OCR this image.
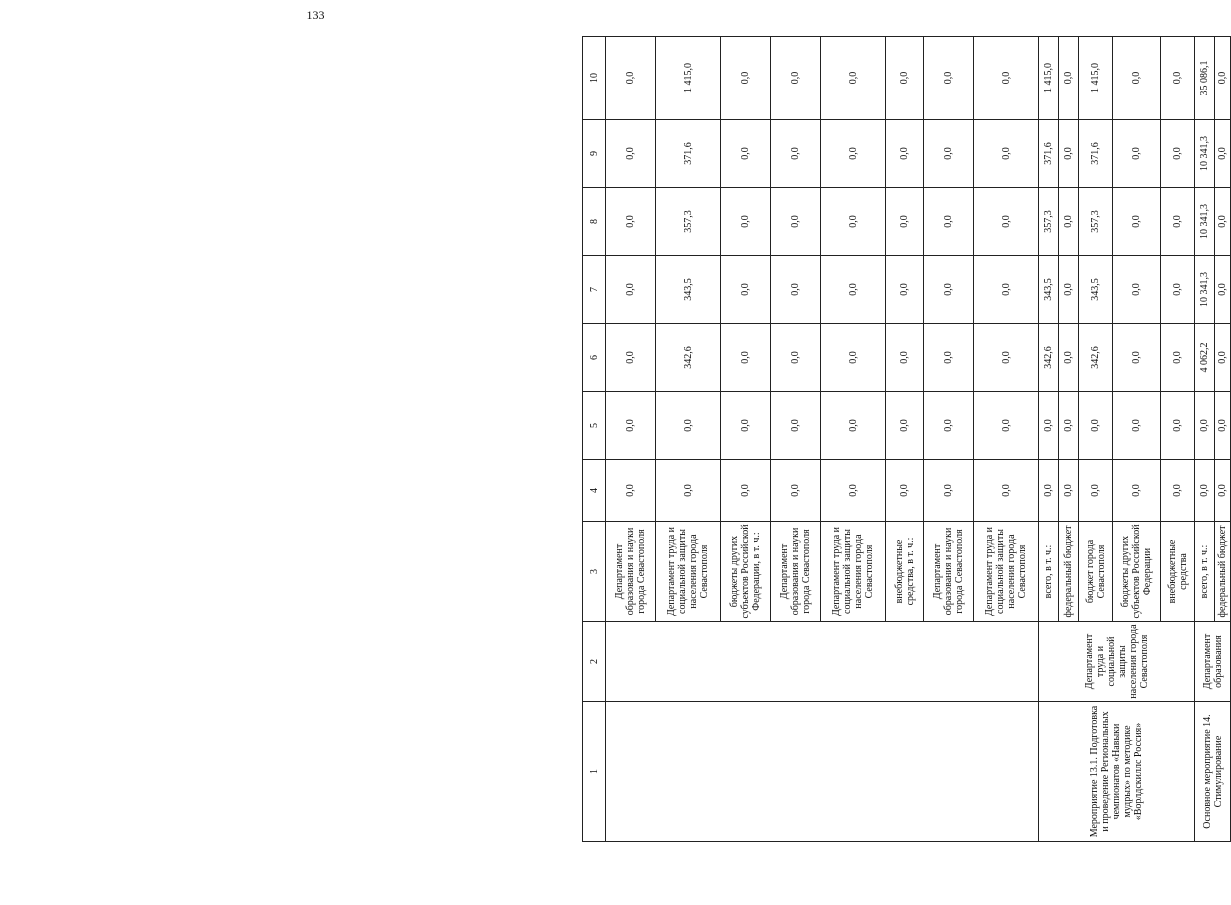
133
1	2	3	4	5	6	7	8	9	10
		Департамент образования и науки города Севастополя	0,0	0,0	0,0	0,0	0,0	0,0	0,0
		Департамент труда и социальной защиты населения города Севастополя	0,0	0,0	342,6	343,5	357,3	371,6	1 415,0
		бюджеты других субъектов Российской Федерации, в т. ч.:	0,0	0,0	0,0	0,0	0,0	0,0	0,0
		Департамент образования и науки города Севастополя	0,0	0,0	0,0	0,0	0,0	0,0	0,0
		Департамент труда и социальной защиты населения города Севастополя	0,0	0,0	0,0	0,0	0,0	0,0	0,0
		внебюджетные средства, в т. ч.:	0,0	0,0	0,0	0,0	0,0	0,0	0,0
		Департамент образования и науки города Севастополя	0,0	0,0	0,0	0,0	0,0	0,0	0,0
		Департамент труда и социальной защиты населения города Севастополя	0,0	0,0	0,0	0,0	0,0	0,0	0,0
Мероприятие 13.1. Подготовка и проведение Региональных чемпионатов «Навыки мудрых» по методике «Ворлдскиллс Россия»	Департамент труда и социальной защиты населения города Севастополя	всего, в т. ч.:	0,0	0,0	342,6	343,5	357,3	371,6	1 415,0
		федеральный бюджет	0,0	0,0	0,0	0,0	0,0	0,0	0,0
		бюджет города Севастополя	0,0	0,0	342,6	343,5	357,3	371,6	1 415,0
		бюджеты других субъектов Российской Федерации	0,0	0,0	0,0	0,0	0,0	0,0	0,0
		внебюджетные средства	0,0	0,0	0,0	0,0	0,0	0,0	0,0
Основное мероприятие 14. Стимулирование	Департамент образования	всего, в т. ч.:	0,0	0,0	4 062,2	10 341,3	10 341,3	10 341,3	35 086,1
		федеральный бюджет	0,0	0,0	0,0	0,0	0,0	0,0	0,0
